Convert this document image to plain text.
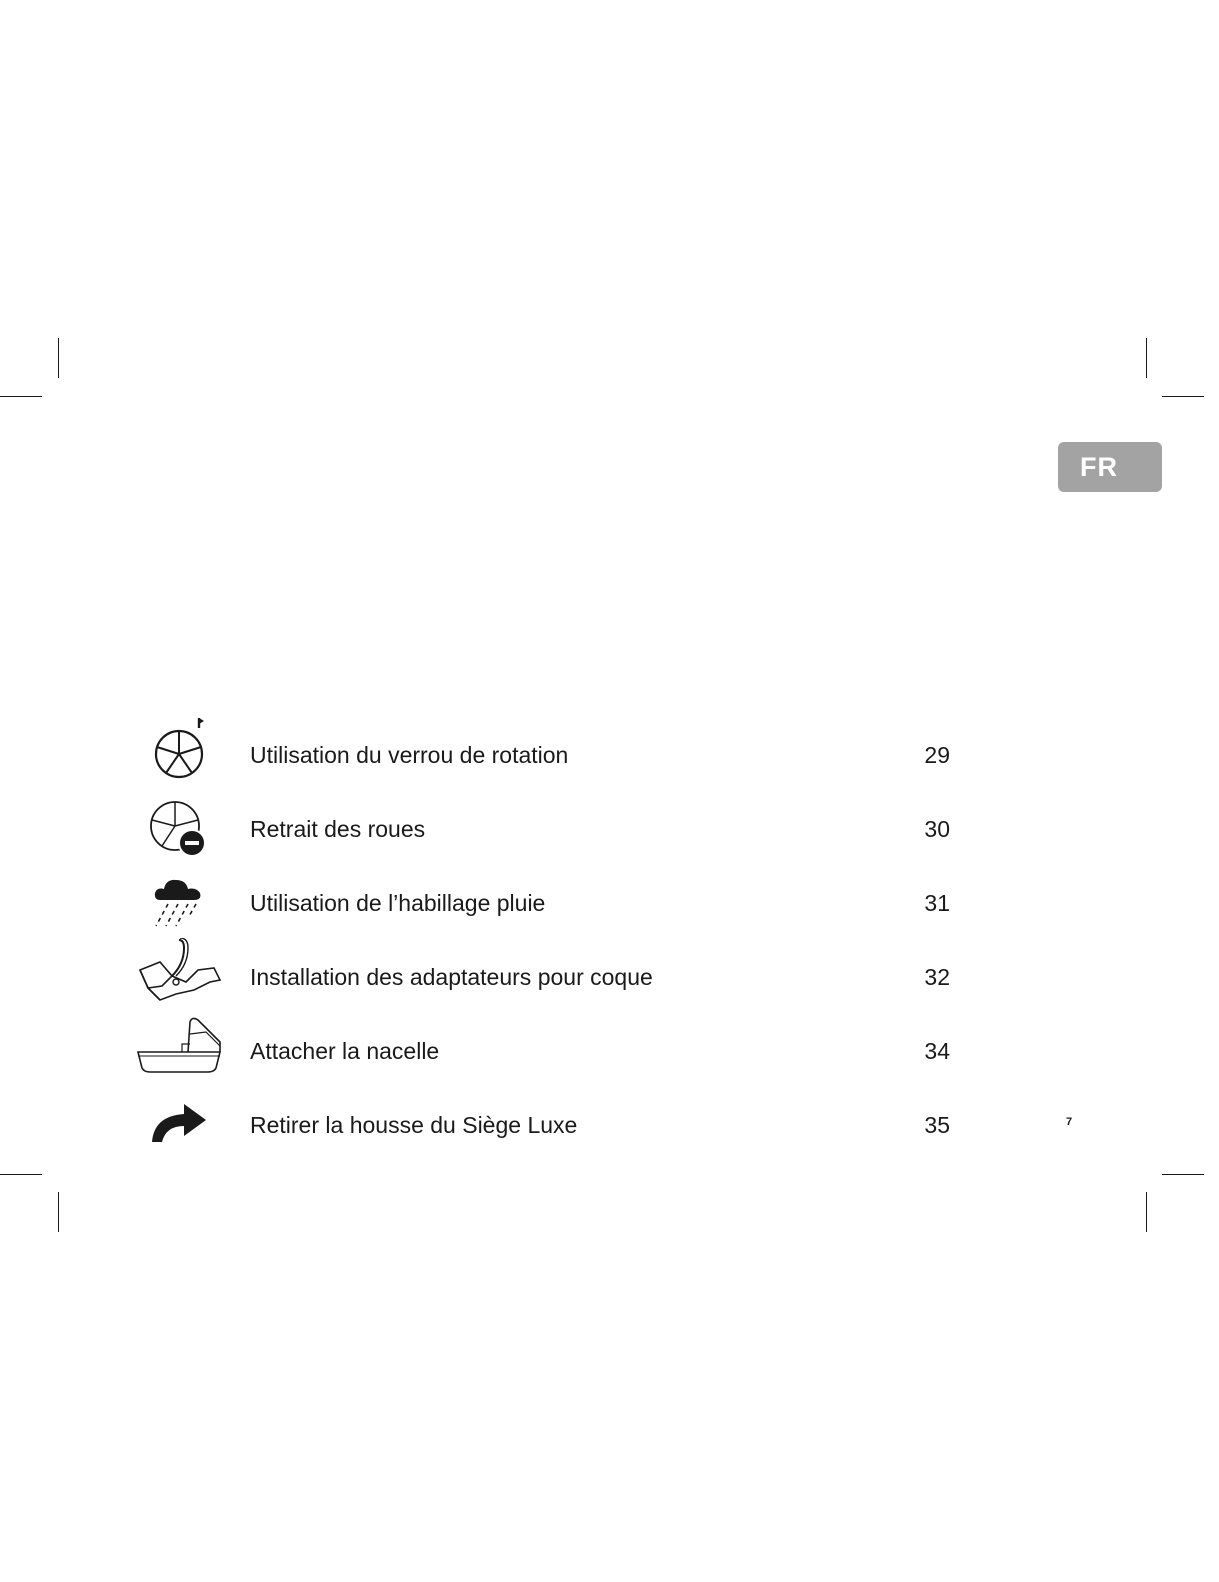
FR
Utilisation du verrou de rotation	29
Retrait des roues	30
Utilisation de l’habillage pluie	31
Installation des adaptateurs pour coque	32
Attacher la nacelle	34
Retirer la housse du Siège Luxe	35	7
